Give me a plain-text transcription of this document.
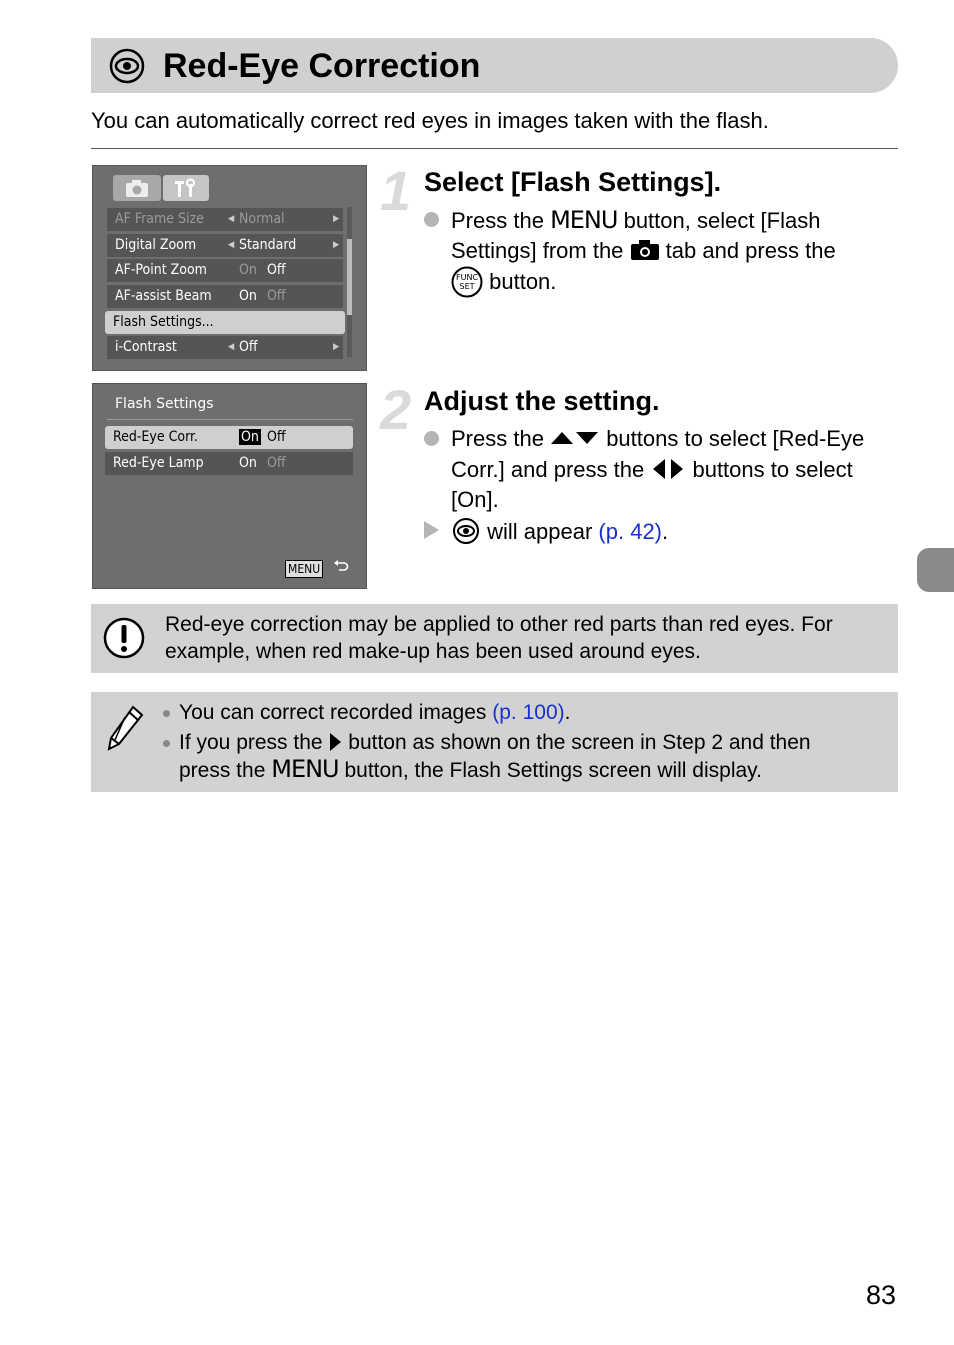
Red-Eye Correction
You can automatically correct red eyes in images taken with the flash.
AF Frame Size	◀ Normal	▶
Digital Zoom	◀ Standard	▶
AF-Point Zoom On Off
AF-assist Beam On Off
Flash Settings...
i-Contrast	◀ Off	▶
Flash Settings
Red-Eye Corr.	On Off
Red-Eye Lamp	On Off
MENU
1 Select [Flash Settings].
Press the MENU button, select [Flash
Settings] from the tab and press the
FUNC
SET button.
2 Adjust the setting.
Press the	buttons to select [Red-Eye
Corr.] and press the buttons to select
[On].
will appear (p. 42).
Red-eye correction may be applied to other red parts than red eyes. For
example, when red make-up has been used around eyes.
You can correct recorded images (p. 100).
If you press the button as shown on the screen in Step 2 and then
press the MENU button, the Flash Settings screen will display.
83
